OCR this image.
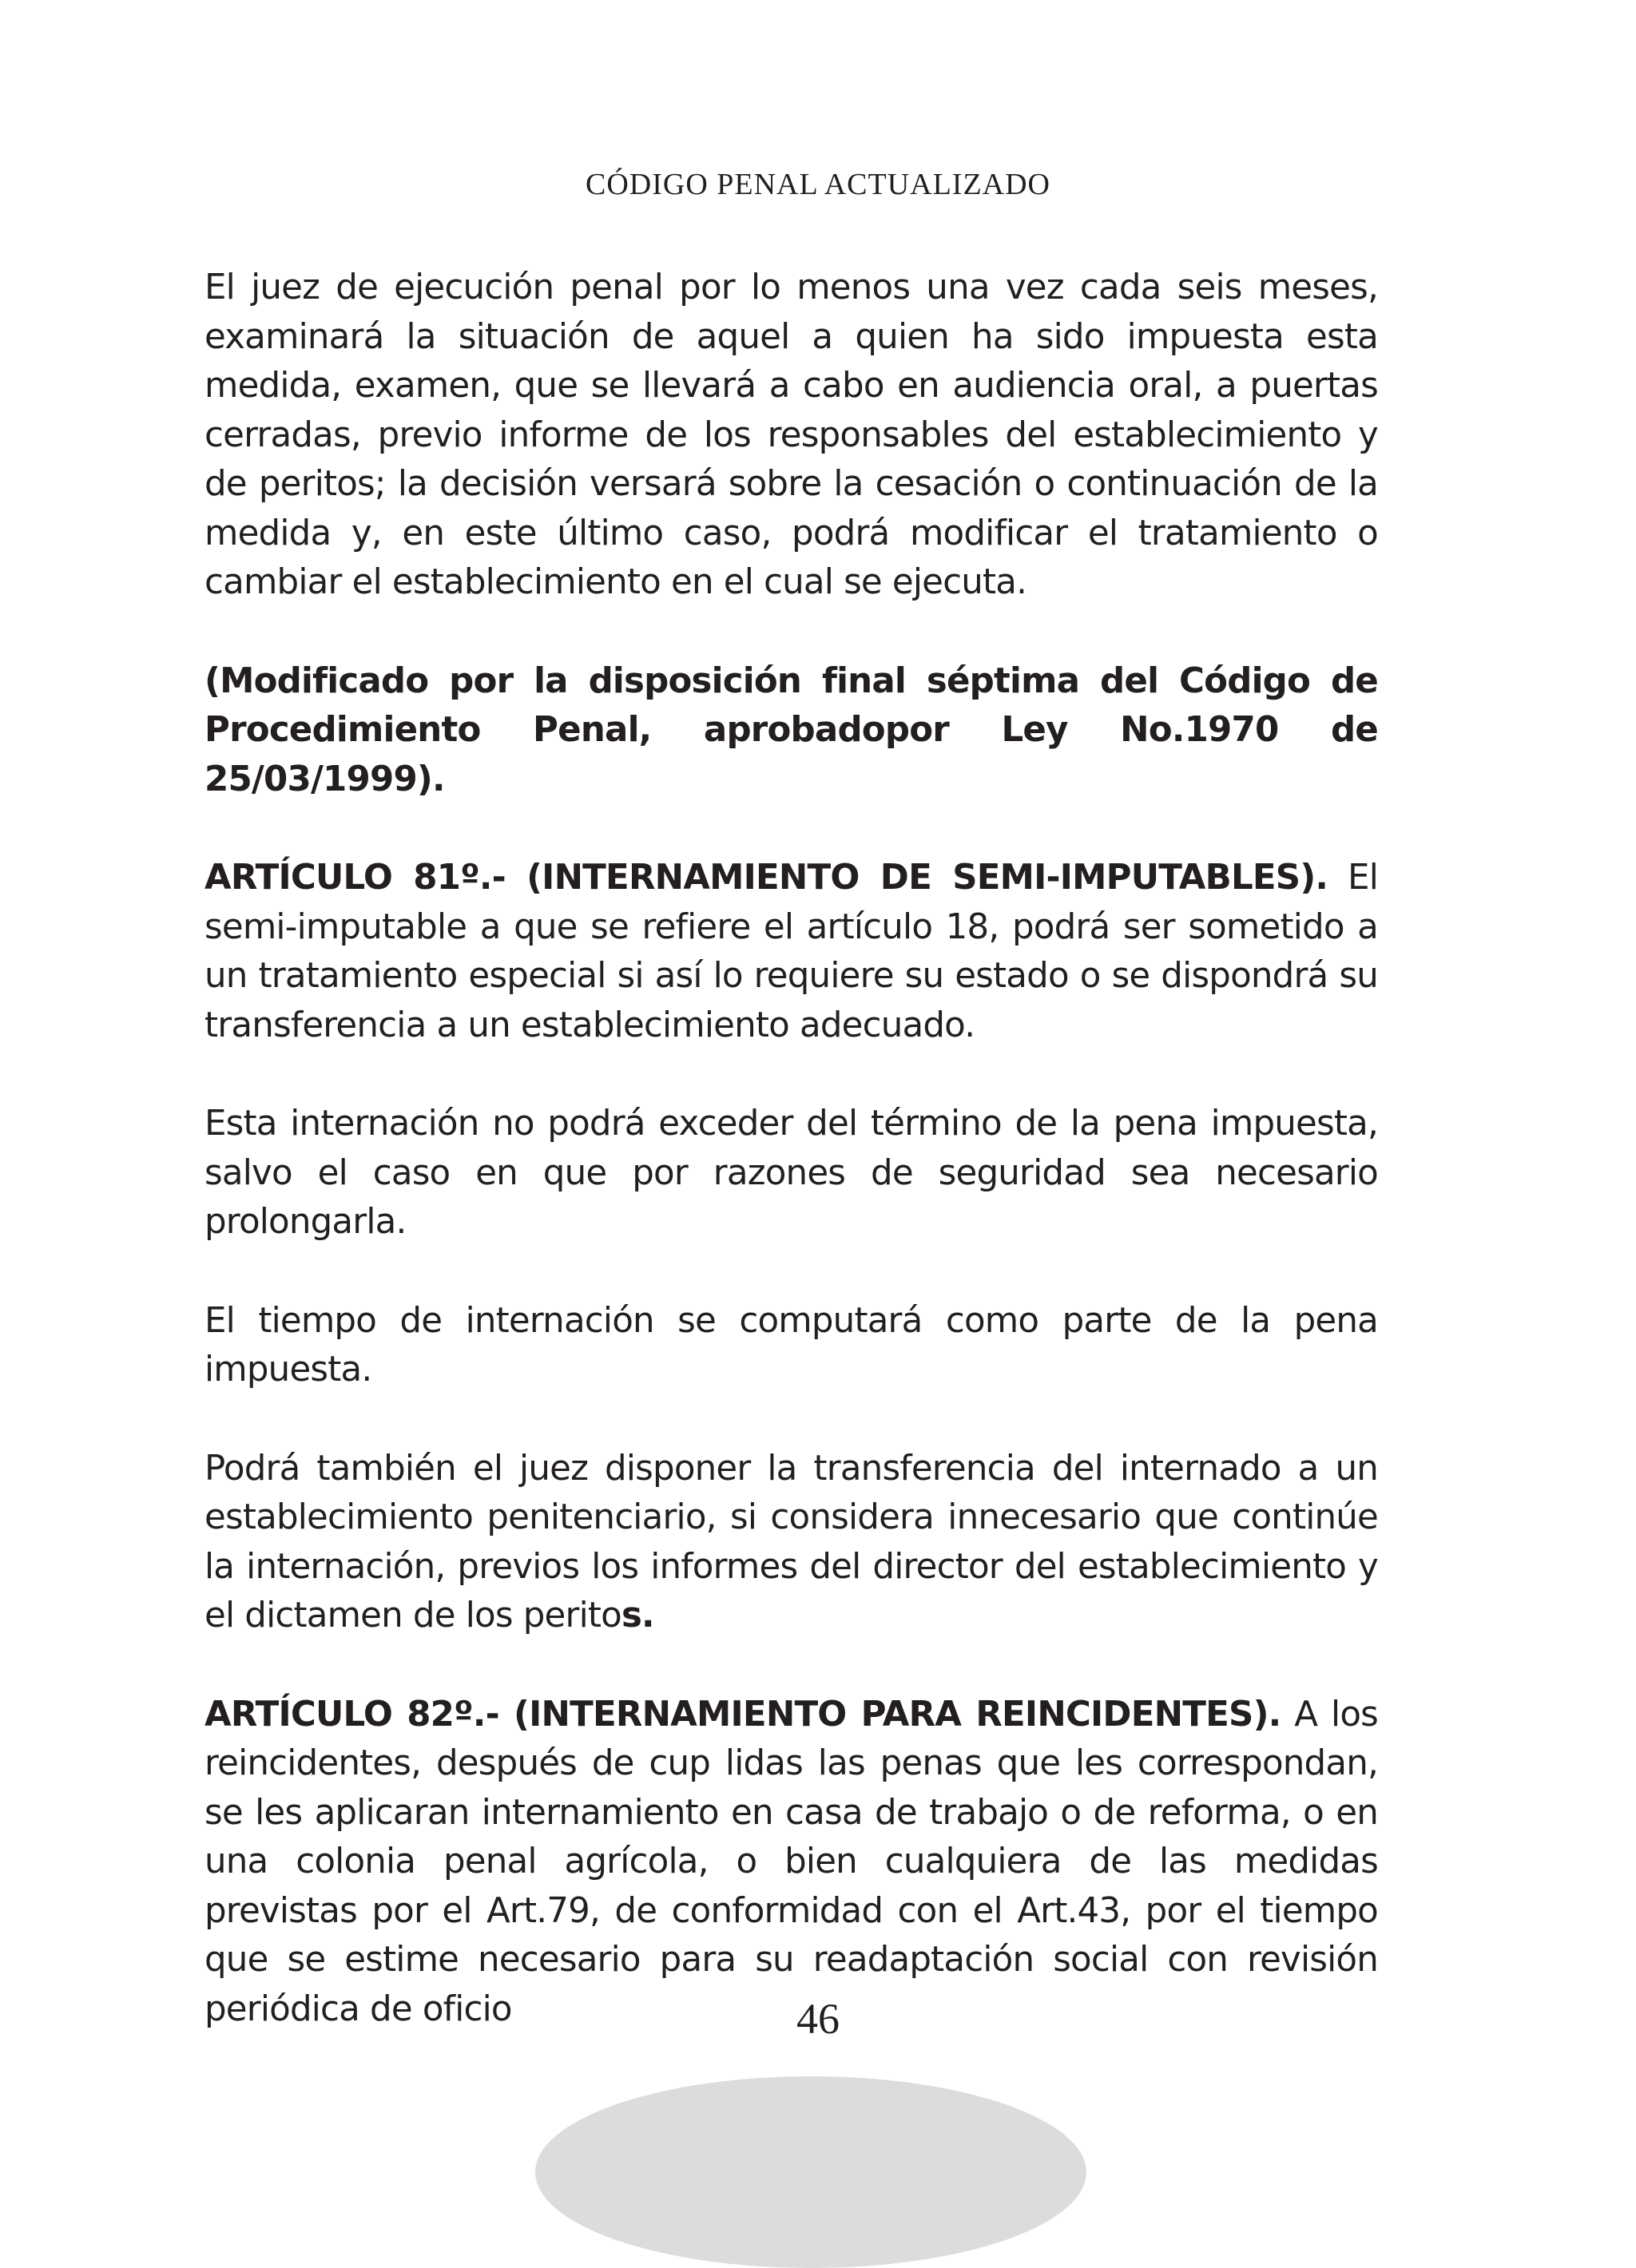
CÓDIGO PENAL ACTUALIZADO

El juez de ejecución penal por lo menos una vez cada seis meses, examinará la situación de aquel a quien ha sido impuesta esta medida, examen, que se llevará a cabo en audiencia oral, a puertas cerradas, previo informe de los responsables del establecimiento y de peritos; la decisión versará sobre la cesación o continuación de la medida y, en este último caso, podrá modificar el tratamiento o cambiar el establecimiento en el cual se ejecuta.

(Modificado por la disposición final séptima del Código de Procedimiento Penal, aprobadopor Ley No.1970 de 25/03/1999).

ARTÍCULO 81º.- (INTERNAMIENTO DE SEMI-IMPUTABLES). El semi-imputable a que se refiere el artículo 18, podrá ser sometido a un tratamiento especial si así lo requiere su estado o se dispondrá su transferencia a un establecimiento adecuado.

Esta internación no podrá exceder del término de la pena impuesta, salvo el caso en que por razones de seguridad sea necesario prolongarla.

El tiempo de internación se computará como parte de la pena impuesta.

Podrá también el juez disponer la transferencia del internado a un establecimiento penitenciario, si considera innecesario que continúe la internación, previos los informes del director del establecimiento y el dictamen de los peritos.

ARTÍCULO 82º.- (INTERNAMIENTO PARA REINCIDENTES). A los reincidentes, después de cup lidas las penas que les correspondan, se les aplicaran internamiento en casa de trabajo o de reforma, o en una colonia penal agrícola, o bien cualquiera de las medidas previstas por el Art.79, de conformidad con el Art.43, por el tiempo que se estime necesario para su readaptación social con revisión periódica de oficio	46
